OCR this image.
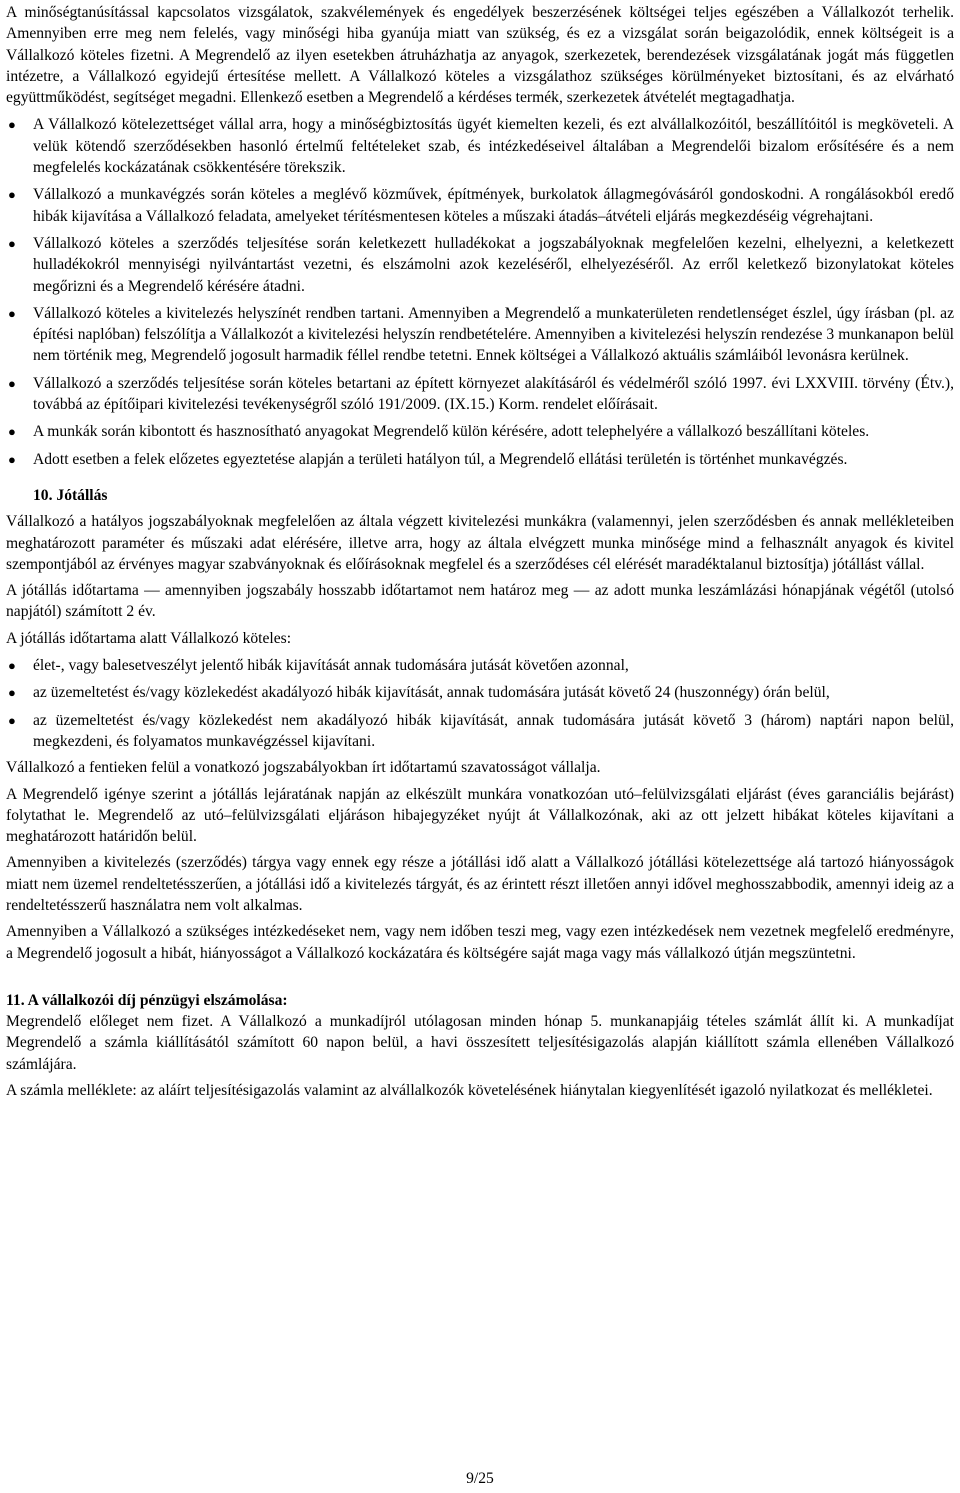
A minőségtanúsítással kapcsolatos vizsgálatok, szakvélemények és engedélyek beszerzésének költségei teljes egészében a Vállalkozót terhelik. Amennyiben erre meg nem felelés, vagy minőségi hiba gyanúja miatt van szükség, és ez a vizsgálat során beigazolódik, ennek költségeit is a Vállalkozó köteles fizetni. A Megrendelő az ilyen esetekben átruházhatja az anyagok, szerkezetek, berendezések vizsgálatának jogát más független intézetre, a Vállalkozó egyidejű értesítése mellett. A Vállalkozó köteles a vizsgálathoz szükséges körülményeket biztosítani, és az elvárható együttműködést, segítséget megadni. Ellenkező esetben a Megrendelő a kérdéses termék, szerkezetek átvételét megtagadhatja.

●	A Vállalkozó kötelezettséget vállal arra, hogy a minőségbiztosítás ügyét kiemelten kezeli, és ezt alvállalkozóitól, beszállítóitól is megköveteli. A velük kötendő szerződésekben hasonló értelmű feltételeket szab, és intézkedéseivel általában a Megrendelői bizalom erősítésére és a nem megfelelés kockázatának csökkentésére törekszik.
●	Vállalkozó a munkavégzés során köteles a meglévő közművek, építmények, burkolatok állagmegóvásáról gondoskodni. A rongálásokból eredő hibák kijavítása a Vállalkozó feladata, amelyeket térítésmentesen köteles a műszaki átadás–átvételi eljárás megkezdéséig végrehajtani.
●	Vállalkozó köteles a szerződés teljesítése során keletkezett hulladékokat a jogszabályoknak megfelelően kezelni, elhelyezni, a keletkezett hulladékokról mennyiségi nyilvántartást vezetni, és elszámolni azok kezeléséről, elhelyezéséről. Az erről keletkező bizonylatokat köteles megőrizni és a Megrendelő kérésére átadni.
●	Vállalkozó köteles a kivitelezés helyszínét rendben tartani. Amennyiben a Megrendelő a munkaterületen rendetlenséget észlel, úgy írásban (pl. az építési naplóban) felszólítja a Vállalkozót a kivitelezési helyszín rendbetételére. Amennyiben a kivitelezési helyszín rendezése 3 munkanapon belül nem történik meg, Megrendelő jogosult harmadik féllel rendbe tetetni. Ennek költségei a Vállalkozó aktuális számláiból levonásra kerülnek.
●	Vállalkozó a szerződés teljesítése során köteles betartani az épített környezet alakításáról és védelméről szóló 1997. évi LXXVIII. törvény (Étv.), továbbá az építőipari kivitelezési tevékenységről szóló 191/2009. (IX.15.) Korm. rendelet előírásait.
●	A munkák során kibontott és hasznosítható anyagokat Megrendelő külön kérésére, adott telephelyére a vállalkozó beszállítani köteles.
●	Adott esetben a felek előzetes egyeztetése alapján a területi hatályon túl, a Megrendelő ellátási területén is történhet munkavégzés.
10. Jótállás

Vállalkozó a hatályos jogszabályoknak megfelelően az általa végzett kivitelezési munkákra (valamennyi, jelen szerződésben és annak mellékleteiben meghatározott paraméter és műszaki adat elérésére, illetve arra, hogy az általa elvégzett munka minősége mind a felhasznált anyagok és kivitel szempontjából az érvényes magyar szabványoknak és előírásoknak megfelel és a szerződéses cél elérését maradéktalanul biztosítja) jótállást vállal.

A jótállás időtartama — amennyiben jogszabály hosszabb időtartamot nem határoz meg — az adott munka leszámlázási hónapjának végétől (utolsó napjától) számított 2 év.

A jótállás időtartama alatt Vállalkozó köteles:

●	élet-, vagy balesetveszélyt jelentő hibák kijavítását annak tudomására jutását követően azonnal,
●	az üzemeltetést és/vagy közlekedést akadályozó hibák kijavítását, annak tudomására jutását követő 24 (huszonnégy) órán belül,
●	az üzemeltetést és/vagy közlekedést nem akadályozó hibák kijavítását, annak tudomására jutását követő 3 (három) naptári napon belül, megkezdeni, és folyamatos munkavégzéssel kijavítani.

Vállalkozó a fentieken felül a vonatkozó jogszabályokban írt időtartamú szavatosságot vállalja.

A Megrendelő igénye szerint a jótállás lejáratának napján az elkészült munkára vonatkozóan utó–felülvizsgálati eljárást (éves garanciális bejárást) folytathat le. Megrendelő az utó–felülvizsgálati eljáráson hibajegyzéket nyújt át Vállalkozónak, aki az ott jelzett hibákat köteles kijavítani a meghatározott határidőn belül.

Amennyiben a kivitelezés (szerződés) tárgya vagy ennek egy része a jótállási idő alatt a Vállalkozó jótállási kötelezettsége alá tartozó hiányosságok miatt nem üzemel rendeltetésszerűen, a jótállási idő a kivitelezés tárgyát, és az érintett részt illetően annyi idővel meghosszabbodik, amennyi ideig az a rendeltetésszerű használatra nem volt alkalmas.

Amennyiben a Vállalkozó a szükséges intézkedéseket nem, vagy nem időben teszi meg, vagy ezen intézkedések nem vezetnek megfelelő eredményre, a Megrendelő jogosult a hibát, hiányosságot a Vállalkozó kockázatára és költségére saját maga vagy más vállalkozó útján megszüntetni.

11. A vállalkozói díj pénzügyi elszámolása:

Megrendelő előleget nem fizet. A Vállalkozó a munkadíjról utólagosan minden hónap 5. munkanapjáig tételes számlát állít ki. A munkadíjat Megrendelő a számla kiállításától számított 60 napon belül, a havi összesített teljesítésigazolás alapján kiállított számla ellenében Vállalkozó számlájára.

A számla melléklete: az aláírt teljesítésigazolás valamint az alvállalkozók követelésének hiánytalan kiegyenlítését igazoló nyilatkozat és mellékletei.

9/25
